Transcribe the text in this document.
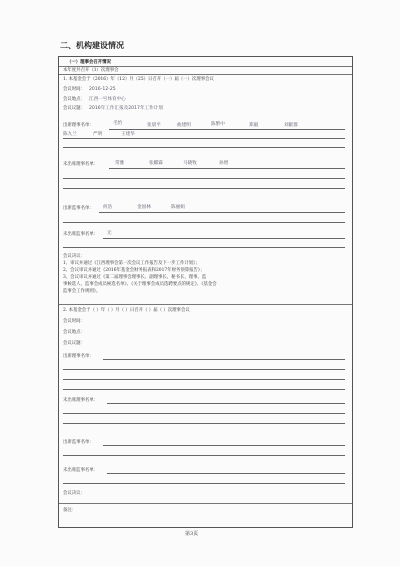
二、机构建设情况
（一）理事会召开情况
本年度共召开（1）次理事会
1. 本基金会于（2016）年（12）月（25）日召开（一）届（一）次理事会议
会议时间： 2016-12-25
会议地点： 江西一号体育中心
会议议题： 2016年工作汇报及2017年工作计划
出席理事名单：	毛怡	张晨平	曲建明	陈繁中	郑毅	刘献群
陈九兰	严明	王建华
未出席理事名单：	常雅	张麒霖	马晓牧	孙增
出席监事名单： 何浩	金国林	陈丽娟
未出席监事名单： 无
会议决议：
1、审议并通过《江西理事会第一次会议工作报告及下一步工作计划》；
2、会议审议并通过《2016年基金会财务报表和2017年财务预算报告》；
3、会议审议并通过《第二届理事会理事长、副理事长、秘书长、理事、监
事候选人、监事会成员候选名单》、《关于理事会成员选聘要点的规定》、《基金会
监事会工作规则》。
2. 本基金会于（ ）年（ ）月（ ）日召开（ ）届（ ）次理事会议
会议时间：
会议地点：
会议议题：
出席理事名单：
未出席理事名单：
出席监事名单：
未出席监事名单：
会议决议：
备注：
第3页
